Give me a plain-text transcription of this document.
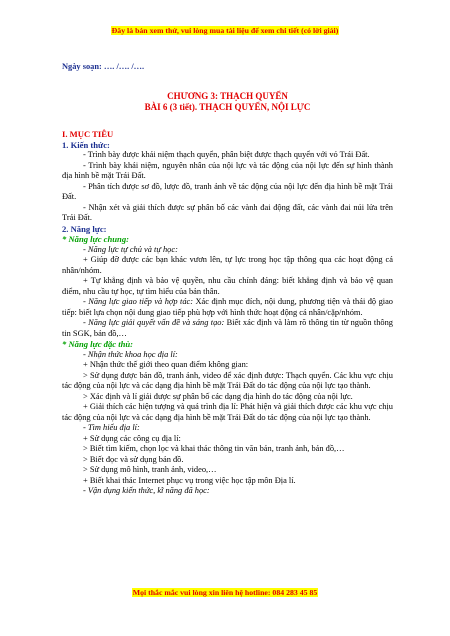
Đây là bản xem thử, vui lòng mua tài liệu để xem chi tiết (có lời giải)

Ngày soạn: …. /…. /….

CHƯƠNG 3: THẠCH QUYỂN

BÀI 6 (3 tiết). THẠCH QUYỂN, NỘI LỰC

I. MỤC TIÊU

1. Kiến thức:

- Trình bày được khái niệm thạch quyển, phân biệt được thạch quyển với vỏ Trái Đất.

- Trình bày khái niệm, nguyên nhân của nội lực và tác động của nội lực đến sự hình thành địa hình bề mặt Trái Đất.

- Phân tích được sơ đồ, lược đồ, tranh ảnh về tác động của nội lực đến địa hình bề mặt Trái Đất.

- Nhận xét và giải thích được sự phân bố các vành đai động đất, các vành đai núi lửa trên Trái Đất.

2. Năng lực:

* Năng lực chung:

- Năng lực tự chủ và tự học:

+ Giúp đỡ được các bạn khác vươn lên, tự lực trong học tập thông qua các hoạt động cá nhân/nhóm.

+ Tự khẳng định và bảo vệ quyền, nhu cầu chính đáng: biết khẳng định và bảo vệ quan điểm, nhu cầu tự học, tự tìm hiểu của bản thân.

- Năng lực giao tiếp và hợp tác: Xác định mục đích, nội dung, phương tiện và thái độ giao tiếp: biết lựa chọn nội dung giao tiếp phù hợp với hình thức hoạt động cá nhân/cặp/nhóm.

- Năng lực giải quyết vấn đề và sáng tạo: Biết xác định và làm rõ thông tin từ nguồn thông tin SGK, bản đồ,…

* Năng lực đặc thù:

- Nhận thức khoa học địa lí:

+ Nhận thức thế giới theo quan điểm không gian:

> Sử dụng được bản đồ, tranh ảnh, video để xác định được: Thạch quyển. Các khu vực chịu tác động của nội lực và các dạng địa hình bề mặt Trái Đất do tác động của nội lực tạo thành.

> Xác định và lí giải được sự phân bố các dạng địa hình do tác động của nội lực.

+ Giải thích các hiện tượng và quá trình địa lí: Phát hiện và giải thích được các khu vực chịu tác động của nội lực và các dạng địa hình bề mặt Trái Đất do tác động của nội lực tạo thành.

- Tìm hiểu địa lí:

+ Sử dụng các công cụ địa lí:

> Biết tìm kiếm, chọn lọc và khai thác thông tin văn bản, tranh ảnh, bản đồ,…

> Biết đọc và sử dụng bản đồ.

> Sử dụng mô hình, tranh ảnh, video,…

+ Biết khai thác Internet phục vụ trong việc học tập môn Địa lí.

- Vận dụng kiến thức, kĩ năng đã học:

Mọi thắc mắc vui lòng xin liên hệ hotline: 084 283 45 85
